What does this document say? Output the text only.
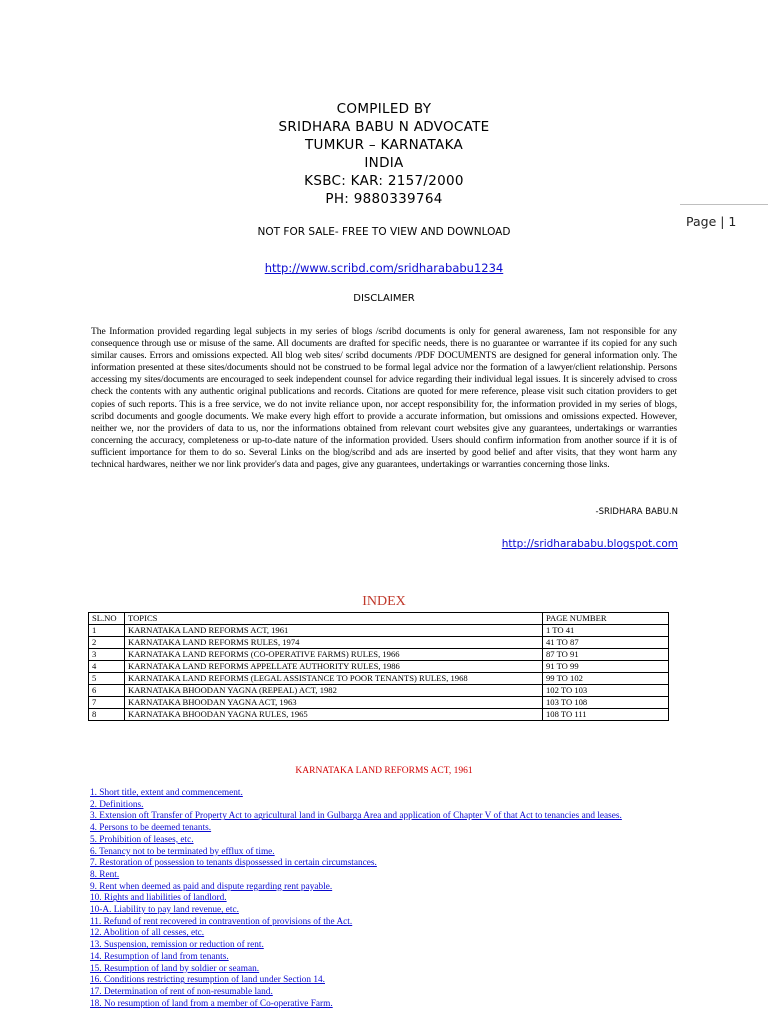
COMPILED BY
SRIDHARA BABU N ADVOCATE
TUMKUR – KARNATAKA
INDIA
KSBC: KAR: 2157/2000
PH: 9880339764
Page | 1
NOT FOR SALE- FREE TO VIEW AND DOWNLOAD
http://www.scribd.com/sridharababu1234
DISCLAIMER
The Information provided regarding legal subjects in my series of blogs /scribd documents is only for general awareness, Iam not responsible for any consequence through use or misuse of the same. All documents are drafted for specific needs, there is no guarantee or warrantee if its copied for any such similar causes. Errors and omissions expected. All blog web sites/ scribd documents /PDF DOCUMENTS are designed for general information only. The information presented at these sites/documents should not be construed to be formal legal advice nor the formation of a lawyer/client relationship. Persons accessing my sites/documents are encouraged to seek independent counsel for advice regarding their individual legal issues. It is sincerely advised to cross check the contents with any authentic original publications and records. Citations are quoted for mere reference, please visit such citation providers to get copies of such reports. This is a free service, we do not invite reliance upon, nor accept responsibility for, the information provided in my series of blogs, scribd documents and google documents. We make every high effort to provide a accurate information, but omissions and omissions expected. However, neither we, nor the providers of data to us, nor the informations obtained from relevant court websites give any guarantees, undertakings or warranties concerning the accuracy, completeness or up-to-date nature of the information provided. Users should confirm information from another source if it is of sufficient importance for them to do so. Several Links on the blog/scribd and ads are inserted by good belief and after visits, that they wont harm any technical hardwares, neither we nor link provider's data and pages, give any guarantees, undertakings or warranties concerning those links.
-SRIDHARA BABU.N
http://sridharababu.blogspot.com
INDEX
SL.NO	TOPICS	PAGE NUMBER
1	KARNATAKA LAND REFORMS ACT, 1961	1 TO 41
2	KARNATAKA LAND REFORMS RULES, 1974	41 TO 87
3	KARNATAKA LAND REFORMS (CO-OPERATIVE FARMS) RULES, 1966	87 TO 91
4	KARNATAKA LAND REFORMS APPELLATE AUTHORITY RULES, 1986	91 TO 99
5	KARNATAKA LAND REFORMS (LEGAL ASSISTANCE TO POOR TENANTS) RULES, 1968	99 TO 102
6	KARNATAKA BHOODAN YAGNA (REPEAL) ACT, 1982	102 TO 103
7	KARNATAKA BHOODAN YAGNA ACT, 1963	103 TO 108
8	KARNATAKA BHOODAN YAGNA RULES, 1965	108 TO 111
KARNATAKA LAND REFORMS ACT, 1961
1. Short title, extent and commencement.
2. Definitions.
3. Extension oft Transfer of Property Act to agricultural land in Gulbarga Area and application of Chapter V of that Act to tenancies and leases.
4. Persons to be deemed tenants.
5. Prohibition of leases, etc.
6. Tenancy not to be terminated by efflux of time.
7. Restoration of possession to tenants dispossessed in certain circumstances.
8. Rent.
9. Rent when deemed as paid and dispute regarding rent payable.
10. Rights and liabilities of landlord.
10-A. Liability to pay land revenue, etc.
11. Refund of rent recovered in contravention of provisions of the Act.
12. Abolition of all cesses, etc.
13. Suspension, remission or reduction of rent.
14. Resumption of land from tenants.
15. Resumption of land by soldier or seaman.
16. Conditions restricting resumption of land under Section 14.
17. Determination of rent of non-resumable land.
18. No resumption of land from a member of Co-operative Farm.
